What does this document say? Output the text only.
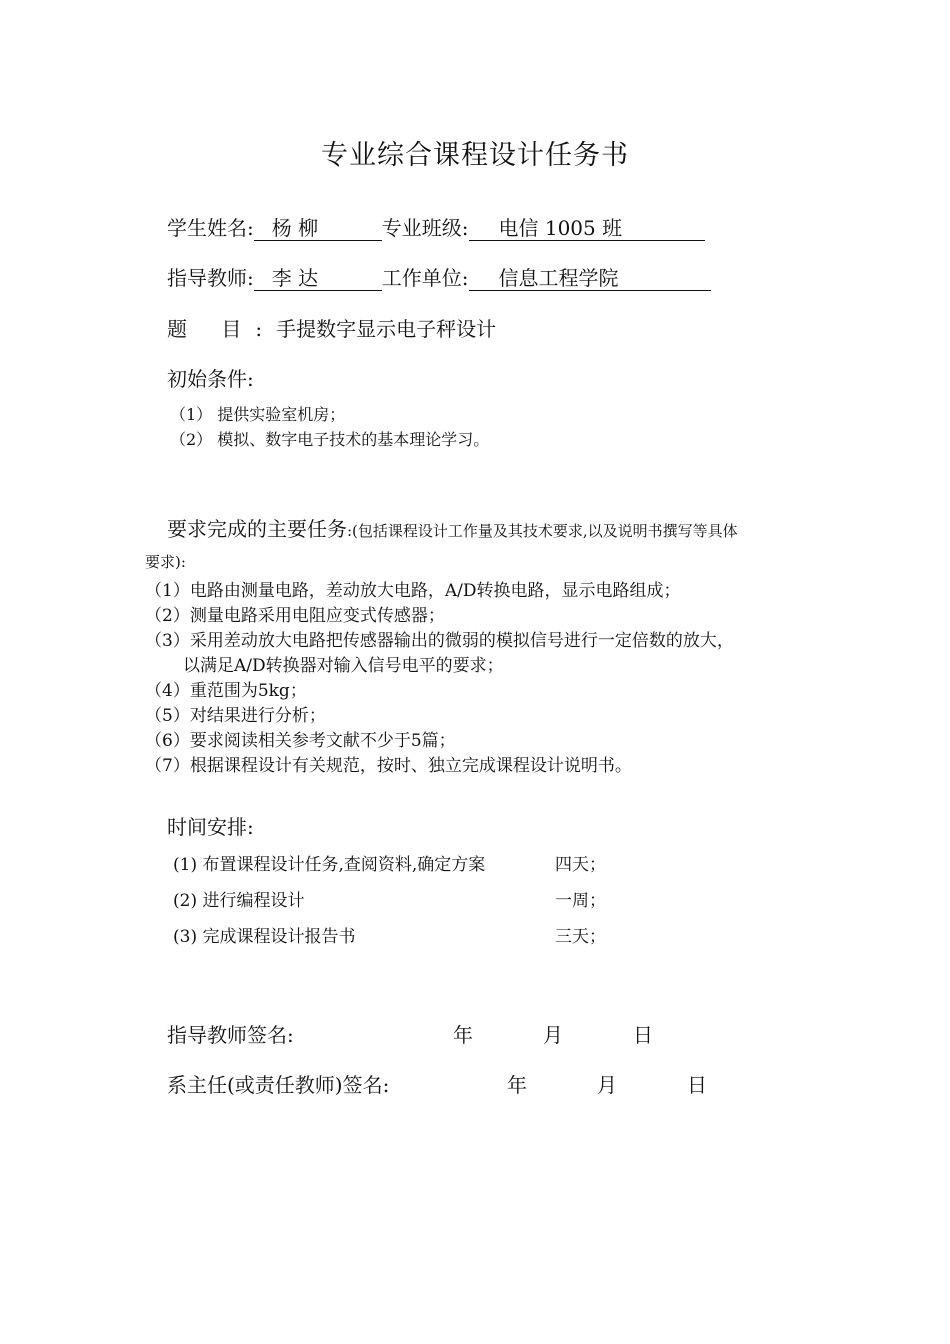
专业综合课程设计任务书
学生姓名: 杨 柳	专业班级: 电信 1005 班
指导教师: 李 达	工作单位: 信息工程学院
题 目:手提数字显示电子秤设计
初始条件:
（1） 提供实验室机房；
（2） 模拟、数字电子技术的基本理论学习。
要求完成的主要任务:(包括课程设计工作量及其技术要求,以及说明书撰写等具体
要求):
（1）电路由测量电路，差动放大电路，A/D转换电路，显示电路组成；
（2）测量电路采用电阻应变式传感器；
（3）采用差动放大电路把传感器输出的微弱的模拟信号进行一定倍数的放大，
以满足A/D转换器对输入信号电平的要求；
（4）重范围为5kg；
（5）对结果进行分析；
（6）要求阅读相关参考文献不少于5篇；
（7）根据课程设计有关规范，按时、独立完成课程设计说明书。
时间安排:
(1) 布置课程设计任务,查阅资料,确定方案	四天；
(2) 进行编程设计	一周；
(3) 完成课程设计报告书	三天；
指导教师签名:	年	月	日
系主任(或责任教师)签名:	年	月	日
